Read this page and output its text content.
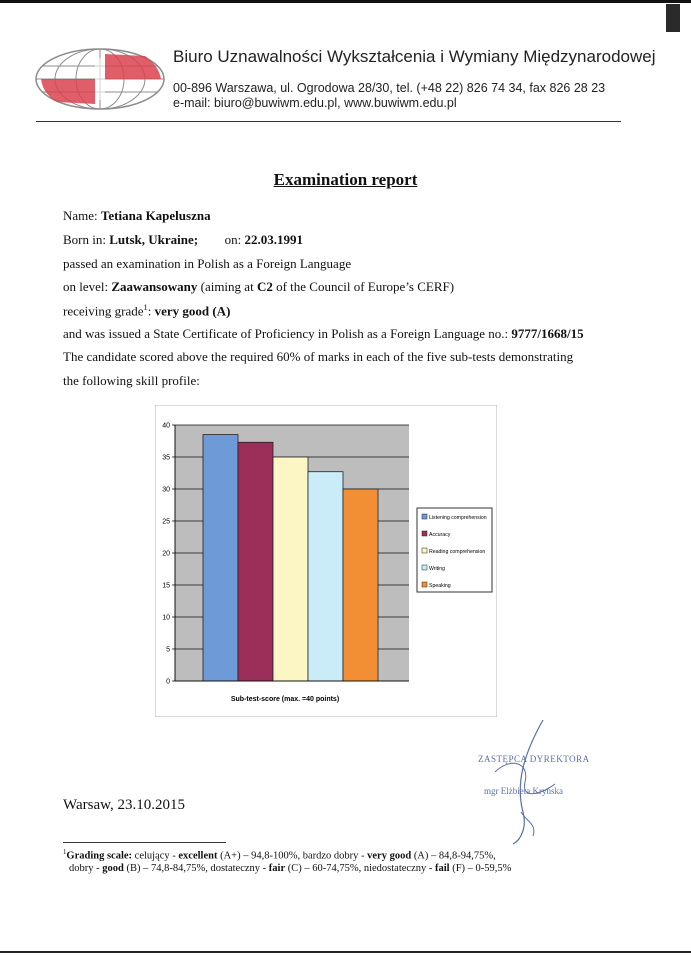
Biuro Uznawalności Wykształcenia i Wymiany Międzynarodowej
00-896 Warszawa, ul. Ogrodowa 28/30, tel. (+48 22) 826 74 34, fax 826 28 23
e-mail: biuro@buwiwm.edu.pl, www.buwiwm.edu.pl
Examination report
Name: Tetiana Kapeluszna
Born in: Lutsk, Ukraine; on: 22.03.1991
passed an examination in Polish as a Foreign Language
on level: Zaawansowany (aiming at C2 of the Council of Europe’s CERF)
receiving grade$^1$: very good (A)
and was issued a State Certificate of Proficiency in Polish as a Foreign Language no.: 9777/1668/15
The candidate scored above the required 60% of marks in each of the five sub-tests demonstrating
the following skill profile:
0
5
10
15
20
25
30
35
40
Sub-test-score (max. =40 points)
Listening comprehension
Accuracy
Reading comprehension
Writing
Speaking
ZASTĘPCA DYREKTORA
mgr Elżbieta Kryńska
Warsaw, 23.10.2015
$^1$Grading scale: celujący - excellent (A+) – 94,8-100%, bardzo dobry - very good (A) – 84,8-94,75%,
dobry - good (B) – 74,8-84,75%, dostateczny - fair (C) – 60-74,75%, niedostateczny - fail (F) – 0-59,5%
